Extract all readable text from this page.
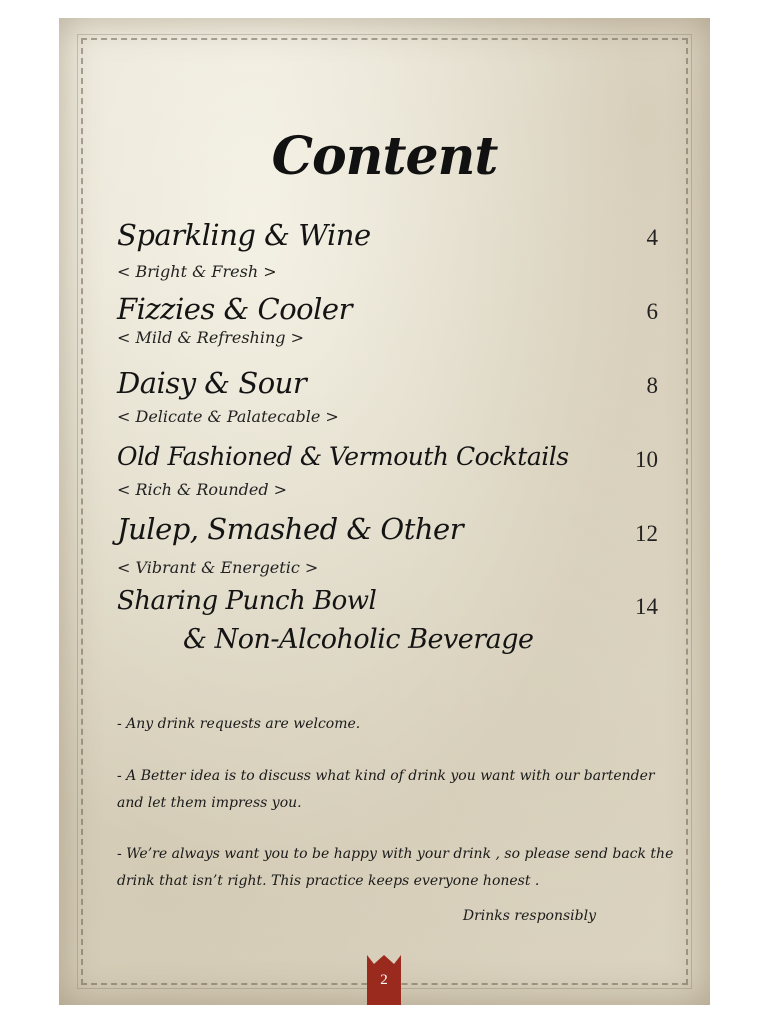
Content
Sparkling & Wine	4
< Bright & Fresh >
Fizzies & Cooler	6
< Mild & Refreshing >
Daisy & Sour	8
< Delicate & Palatecable >
Old Fashioned & Vermouth Cocktails	10
< Rich & Rounded >
Julep, Smashed & Other	12
< Vibrant & Energetic >
Sharing Punch Bowl	14
& Non-Alcoholic Beverage
- Any drink requests are welcome.
- A Better idea is to discuss what kind of drink you want with our bartender and let them impress you.
- We’re always want you to be happy with your drink , so please send back the drink that isn’t right. This practice keeps everyone honest .
Drinks responsibly
2
